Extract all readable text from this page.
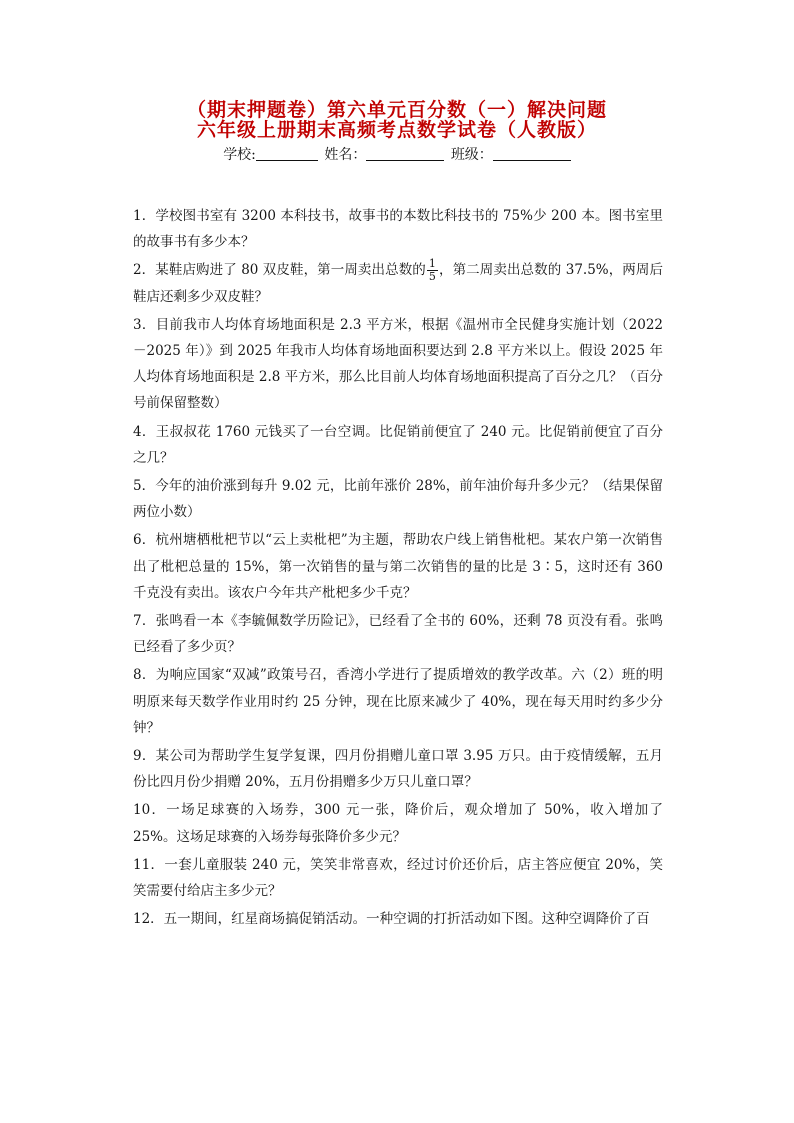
（期末押题卷）第六单元百分数（一）解决问题
六年级上册期末高频考点数学试卷（人教版）
学校:	姓名：	班级：

1．学校图书室有 3200 本科技书，故事书的本数比科技书的 75%少 200 本。图书室里的故事书有多少本？

2．某鞋店购进了 80 双皮鞋，第一周卖出总数的 $\frac{1}{5}$ ，第二周卖出总数的 37.5%，两周后鞋店还剩多少双皮鞋？

3．目前我市人均体育场地面积是 2.3 平方米，根据《温州市全民健身实施计划（2022－2025 年）》到 2025 年我市人均体育场地面积要达到 2.8 平方米以上。假设 2025 年人均体育场地面积是 2.8 平方米，那么比目前人均体育场地面积提高了百分之几？（百分号前保留整数）

4．王叔叔花 1760 元钱买了一台空调。比促销前便宜了 240 元。比促销前便宜了百分之几？

5．今年的油价涨到每升 9.02 元，比前年涨价 28%，前年油价每升多少元？（结果保留两位小数）

6．杭州塘栖枇杷节以“云上卖枇杷”为主题，帮助农户线上销售枇杷。某农户第一次销售出了枇杷总量的 15%，第一次销售的量与第二次销售的量的比是 3∶5，这时还有 360 千克没有卖出。该农户今年共产枇杷多少千克？

7．张鸣看一本《李毓佩数学历险记》，已经看了全书的 60%，还剩 78 页没有看。张鸣已经看了多少页？

8．为响应国家“双减”政策号召，香湾小学进行了提质增效的教学改革。六（2）班的明明原来每天数学作业用时约 25 分钟，现在比原来减少了 40%，现在每天用时约多少分钟？

9．某公司为帮助学生复学复课，四月份捐赠儿童口罩 3.95 万只。由于疫情缓解，五月份比四月份少捐赠 20%，五月份捐赠多少万只儿童口罩？

10．一场足球赛的入场券，300 元一张，降价后，观众增加了 50%，收入增加了 25%。这场足球赛的入场券每张降价多少元？

11．一套儿童服装 240 元，笑笑非常喜欢，经过讨价还价后，店主答应便宜 20%，笑笑需要付给店主多少元？

12．五一期间，红星商场搞促销活动。一种空调的打折活动如下图。这种空调降价了百
